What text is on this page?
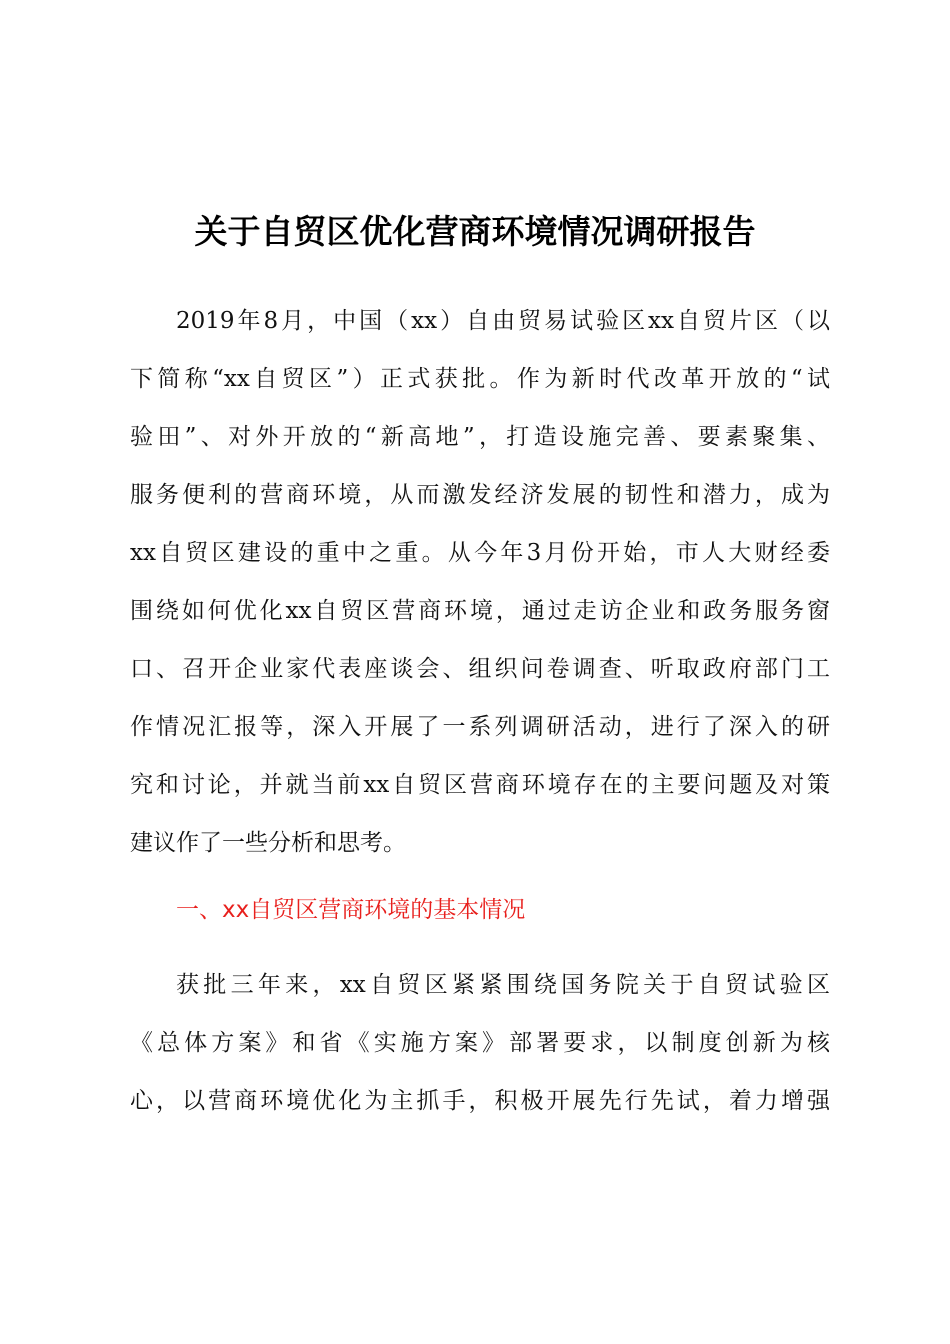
关于自贸区优化营商环境情况调研报告
2019年8月，中国（xx）自由贸易试验区xx自贸片区（以
下简称“xx自贸区”）正式获批。作为新时代改革开放的“试
验田”、对外开放的“新高地”，打造设施完善、要素聚集、
服务便利的营商环境，从而激发经济发展的韧性和潜力，成为
xx自贸区建设的重中之重。从今年3月份开始，市人大财经委
围绕如何优化xx自贸区营商环境，通过走访企业和政务服务窗
口、召开企业家代表座谈会、组织问卷调查、听取政府部门工
作情况汇报等，深入开展了一系列调研活动，进行了深入的研
究和讨论，并就当前xx自贸区营商环境存在的主要问题及对策
建议作了一些分析和思考。
一、xx自贸区营商环境的基本情况
获批三年来，xx自贸区紧紧围绕国务院关于自贸试验区
《总体方案》和省《实施方案》部署要求，以制度创新为核
心，以营商环境优化为主抓手，积极开展先行先试，着力增强
